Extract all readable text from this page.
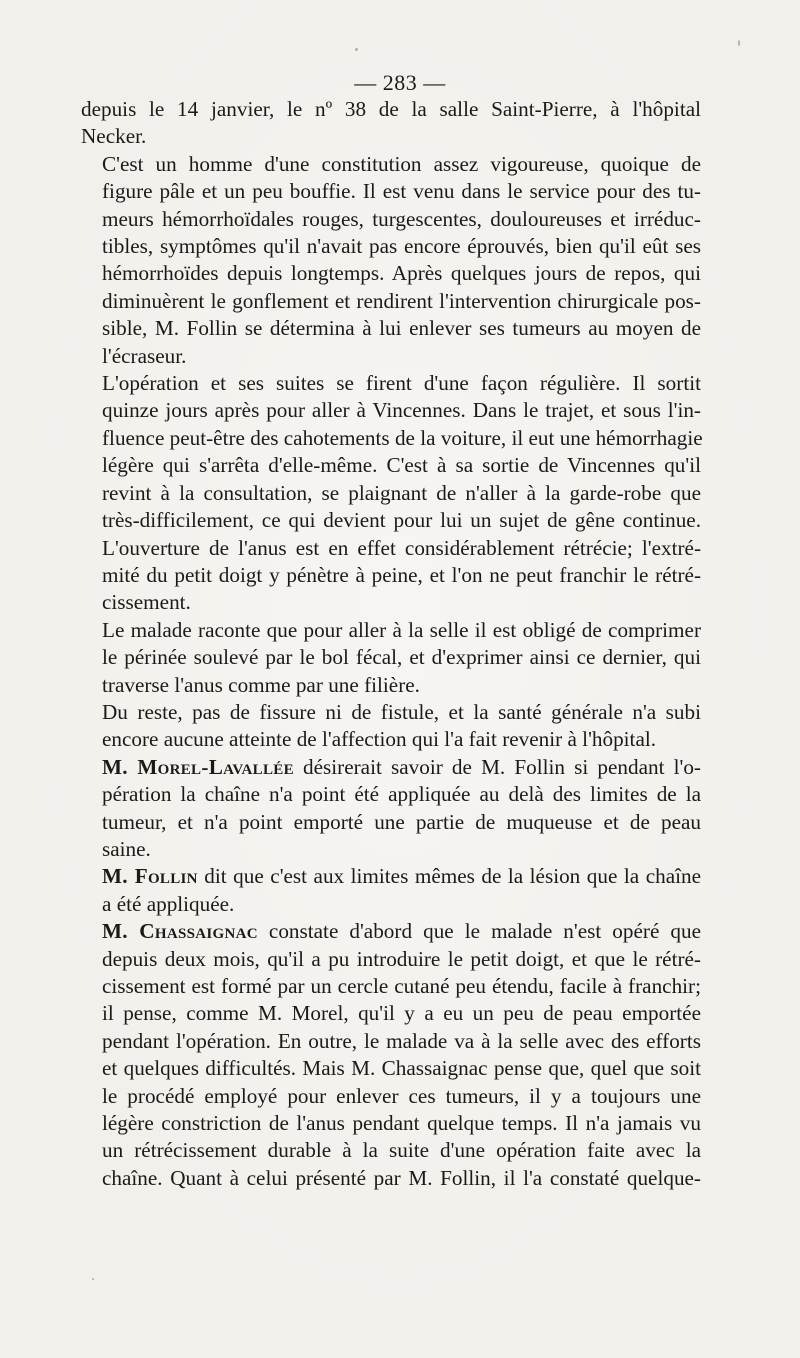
— 283 —

depuis le 14 janvier, le nº 38 de la salle Saint-Pierre, à l'hôpital
Necker.

C'est un homme d'une constitution assez vigoureuse, quoique de
figure pâle et un peu bouffie. Il est venu dans le service pour des tu-
meurs hémorrhoïdales rouges, turgescentes, douloureuses et irréduc-
tibles, symptômes qu'il n'avait pas encore éprouvés, bien qu'il eût ses
hémorrhoïdes depuis longtemps. Après quelques jours de repos, qui
diminuèrent le gonflement et rendirent l'intervention chirurgicale pos-
sible, M. Follin se détermina à lui enlever ses tumeurs au moyen de
l'écraseur.

L'opération et ses suites se firent d'une façon régulière. Il sortit
quinze jours après pour aller à Vincennes. Dans le trajet, et sous l'in-
fluence peut-être des cahotements de la voiture, il eut une hémorrhagie
légère qui s'arrêta d'elle-même. C'est à sa sortie de Vincennes qu'il
revint à la consultation, se plaignant de n'aller à la garde-robe que
très-difficilement, ce qui devient pour lui un sujet de gêne continue.
L'ouverture de l'anus est en effet considérablement rétrécie; l'extré-
mité du petit doigt y pénètre à peine, et l'on ne peut franchir le rétré-
cissement.

Le malade raconte que pour aller à la selle il est obligé de comprimer
le périnée soulevé par le bol fécal, et d'exprimer ainsi ce dernier, qui
traverse l'anus comme par une filière.

Du reste, pas de fissure ni de fistule, et la santé générale n'a subi
encore aucune atteinte de l'affection qui l'a fait revenir à l'hôpital.

M. Morel-Lavallée désirerait savoir de M. Follin si pendant l'o-
pération la chaîne n'a point été appliquée au delà des limites de la
tumeur, et n'a point emporté une partie de muqueuse et de peau
saine.

M. Follin dit que c'est aux limites mêmes de la lésion que la chaîne
a été appliquée.

M. Chassaignac constate d'abord que le malade n'est opéré que
depuis deux mois, qu'il a pu introduire le petit doigt, et que le rétré-
cissement est formé par un cercle cutané peu étendu, facile à franchir;
il pense, comme M. Morel, qu'il y a eu un peu de peau emportée
pendant l'opération. En outre, le malade va à la selle avec des efforts
et quelques difficultés. Mais M. Chassaignac pense que, quel que soit
le procédé employé pour enlever ces tumeurs, il y a toujours une
légère constriction de l'anus pendant quelque temps. Il n'a jamais vu
un rétrécissement durable à la suite d'une opération faite avec la
chaîne. Quant à celui présenté par M. Follin, il l'a constaté quelque-
